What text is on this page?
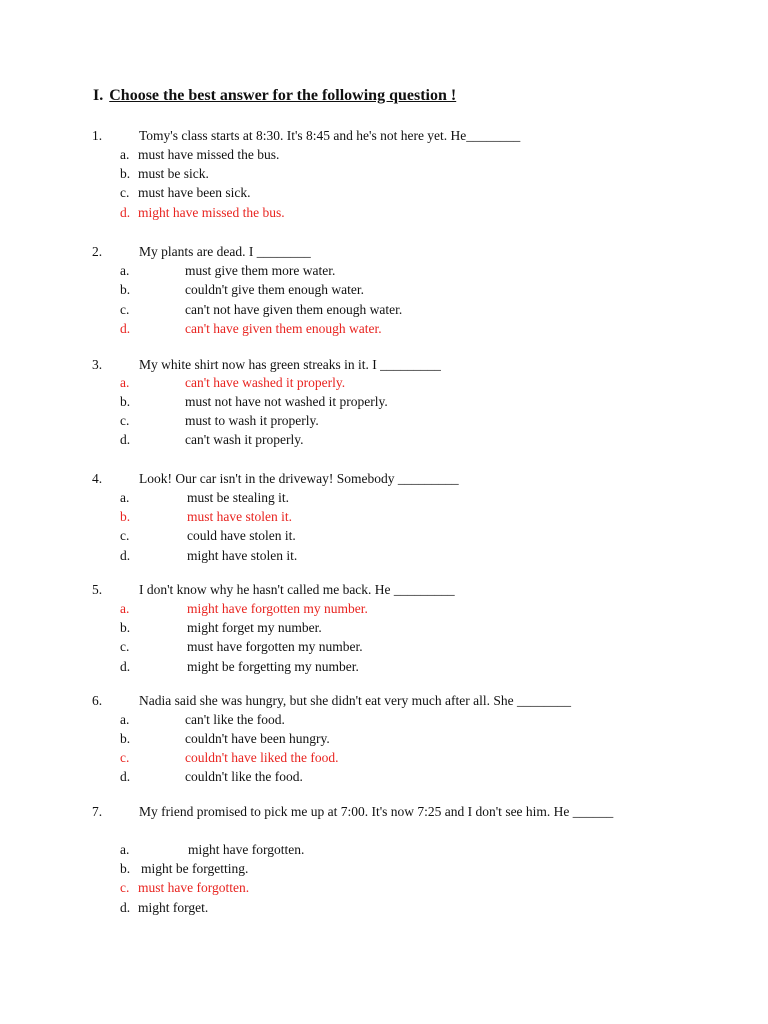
I. Choose the best answer for the following question !
1.	Tomy's class starts at 8:30. It's 8:45 and he's not here yet. He________
a. must have missed the bus.
b. must be sick.
c. must have been sick.
d. might have missed the bus.
2.	My plants are dead. I ________
a.	must give them more water.
b.	couldn't give them enough water.
c.	can't not have given them enough water.
d.	can't have given them enough water.
3.	My white shirt now has green streaks in it. I _________
a.	can't have washed it properly.
b.	must not have not washed it properly.
c.	must to wash it properly.
d.	can't wash it properly.
4.	Look! Our car isn't in the driveway! Somebody _________
a.	must be stealing it.
b.	must have stolen it.
c.	could have stolen it.
d.	might have stolen it.
5.	I don't know why he hasn't called me back. He _________
a.	might have forgotten my number.
b.	might forget my number.
c.	must have forgotten my number.
d.	might be forgetting my number.
6.	Nadia said she was hungry, but she didn't eat very much after all. She ________
a.	can't like the food.
b.	couldn't have been hungry.
c.	couldn't have liked the food.
d.	couldn't like the food.
7.	My friend promised to pick me up at 7:00. It's now 7:25 and I don't see him. He ______
a.	might have forgotten.
b. might be forgetting.
c. must have forgotten.
d. might forget.
